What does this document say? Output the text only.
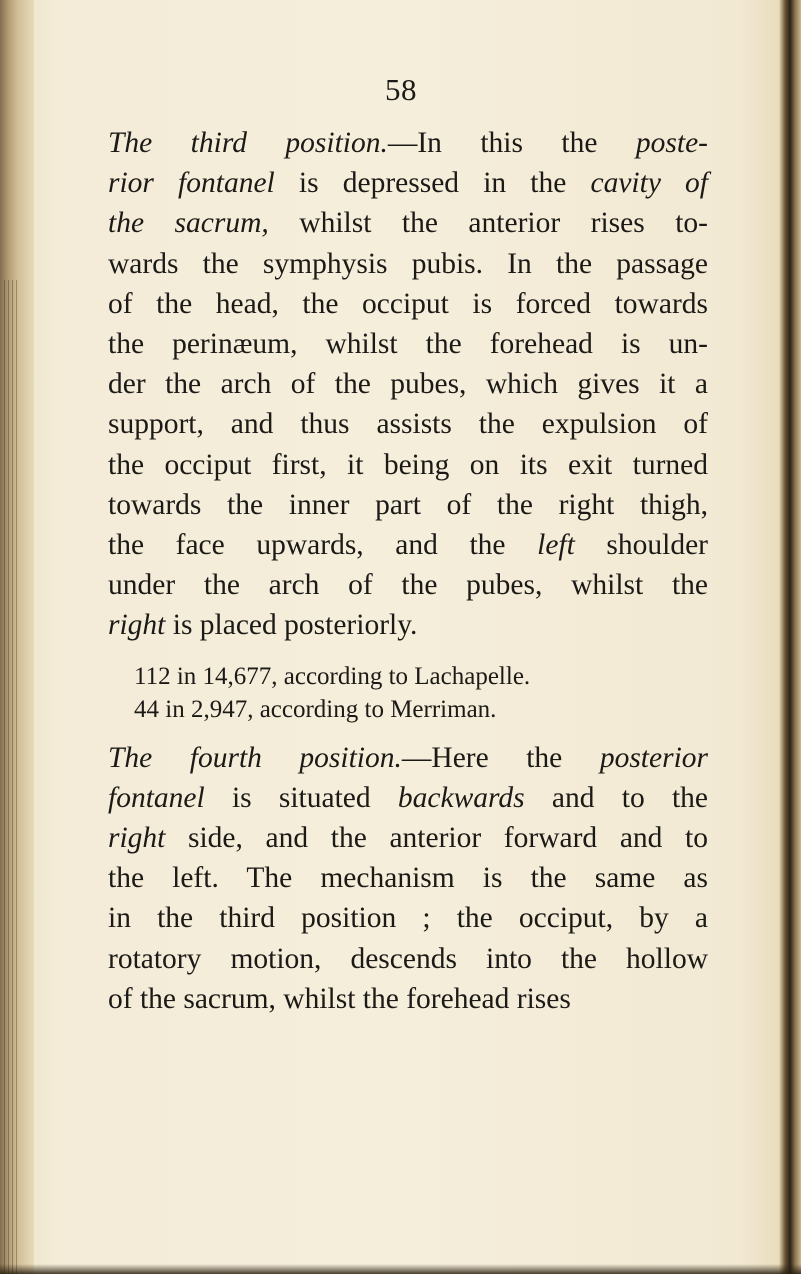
58
The third position.—In this the poste-
rior fontanel is depressed in the cavity of
the sacrum, whilst the anterior rises to-
wards the symphysis pubis. In the passage
of the head, the occiput is forced towards
the perinæum, whilst the forehead is un-
der the arch of the pubes, which gives it a
support, and thus assists the expulsion of
the occiput first, it being on its exit turned
towards the inner part of the right thigh,
the face upwards, and the left shoulder
under the arch of the pubes, whilst the
right is placed posteriorly.
112 in 14,677, according to Lachapelle.
44 in 2,947, according to Merriman.
The fourth position.—Here the posterior
fontanel is situated backwards and to the
right side, and the anterior forward and to
the left. The mechanism is the same as
in the third position ; the occiput, by a
rotatory motion, descends into the hollow
of the sacrum, whilst the forehead rises
